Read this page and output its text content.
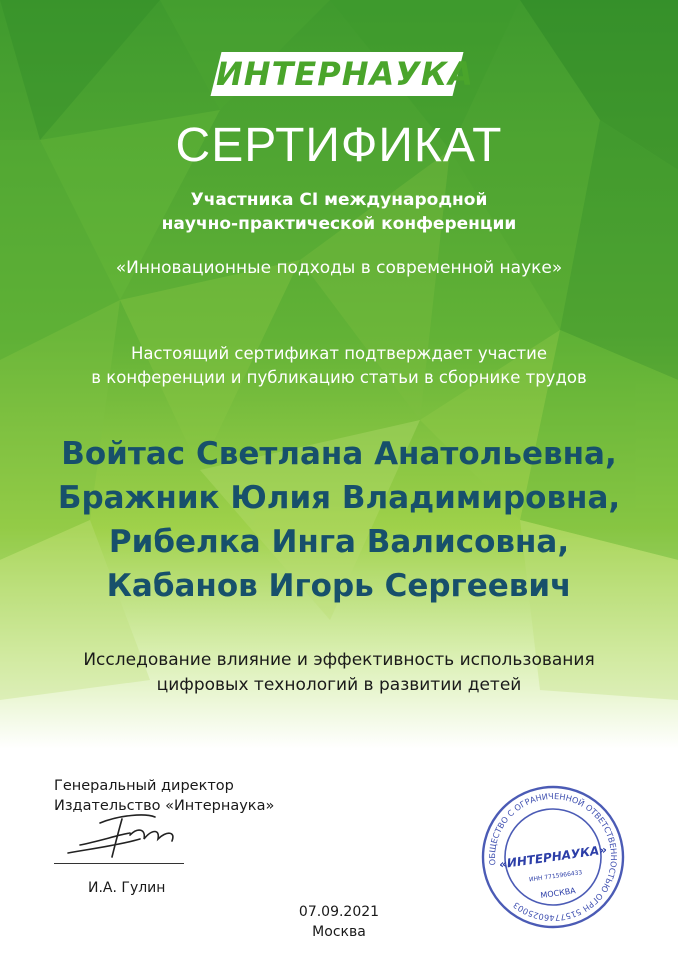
ИНТЕРНАУКА
СЕРТИФИКАТ
Участника CI международной
научно-практической конференции
«Инновационные подходы в современной науке»
Настоящий сертификат подтверждает участие
в конференции и публикацию статьи в сборнике трудов
Войтас Светлана Анатольевна,
Бражник Юлия Владимировна,
Рибелка Инга Валисовна,
Кабанов Игорь Сергеевич
Исследование влияние и эффективность использования
цифровых технологий в развитии детей
Генеральный директор
Издательство «Интернаука»
И.А. Гулин
07.09.2021
Москва
ОБЩЕСТВО С ОГРАНИЧЕННОЙ ОТВЕТСТВЕННОСТЬЮ ОГРН 5157746025003
«ИНТЕРНАУКА»
ИНН 7715966433
МОСКВА
